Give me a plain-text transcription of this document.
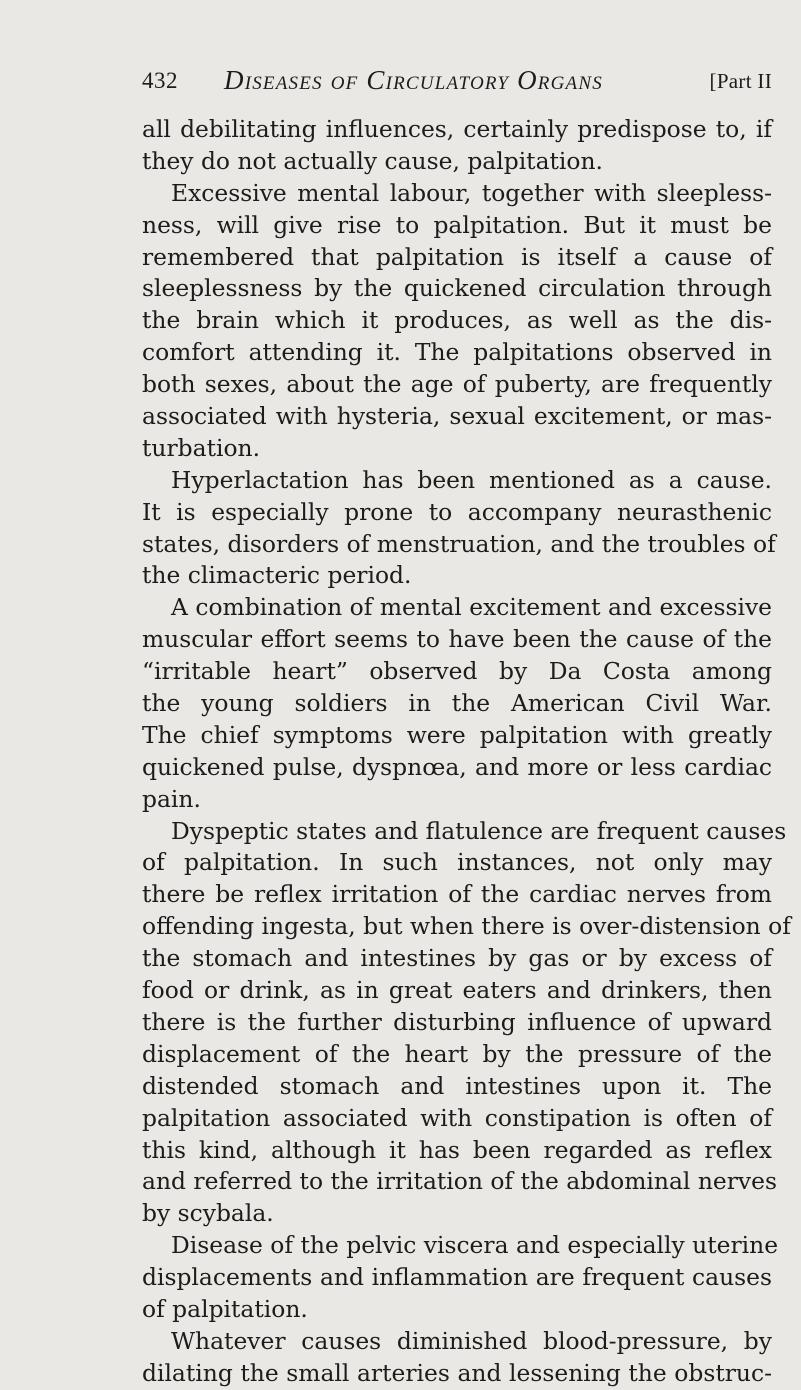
432 Diseases of Circulatory Organs	[Part II
all debilitating influences, certainly predispose to, if
they do not actually cause, palpitation.
Excessive mental labour, together with sleepless-
ness, will give rise to palpitation. But it must be
remembered that palpitation is itself a cause of
sleeplessness by the quickened circulation through
the brain which it produces, as well as the dis-
comfort attending it. The palpitations observed in
both sexes, about the age of puberty, are frequently
associated with hysteria, sexual excitement, or mas-
turbation.
Hyperlactation has been mentioned as a cause.
It is especially prone to accompany neurasthenic
states, disorders of menstruation, and the troubles of
the climacteric period.
A combination of mental excitement and excessive
muscular effort seems to have been the cause of the
“irritable heart” observed by Da Costa among
the young soldiers in the American Civil War.
The chief symptoms were palpitation with greatly
quickened pulse, dyspnœa, and more or less cardiac
pain.
Dyspeptic states and flatulence are frequent causes
of palpitation. In such instances, not only may
there be reflex irritation of the cardiac nerves from
offending ingesta, but when there is over-distension of
the stomach and intestines by gas or by excess of
food or drink, as in great eaters and drinkers, then
there is the further disturbing influence of upward
displacement of the heart by the pressure of the
distended stomach and intestines upon it. The
palpitation associated with constipation is often of
this kind, although it has been regarded as reflex
and referred to the irritation of the abdominal nerves
by scybala.
Disease of the pelvic viscera and especially uterine
displacements and inflammation are frequent causes
of palpitation.
Whatever causes diminished blood-pressure, by
dilating the small arteries and lessening the obstruc-
